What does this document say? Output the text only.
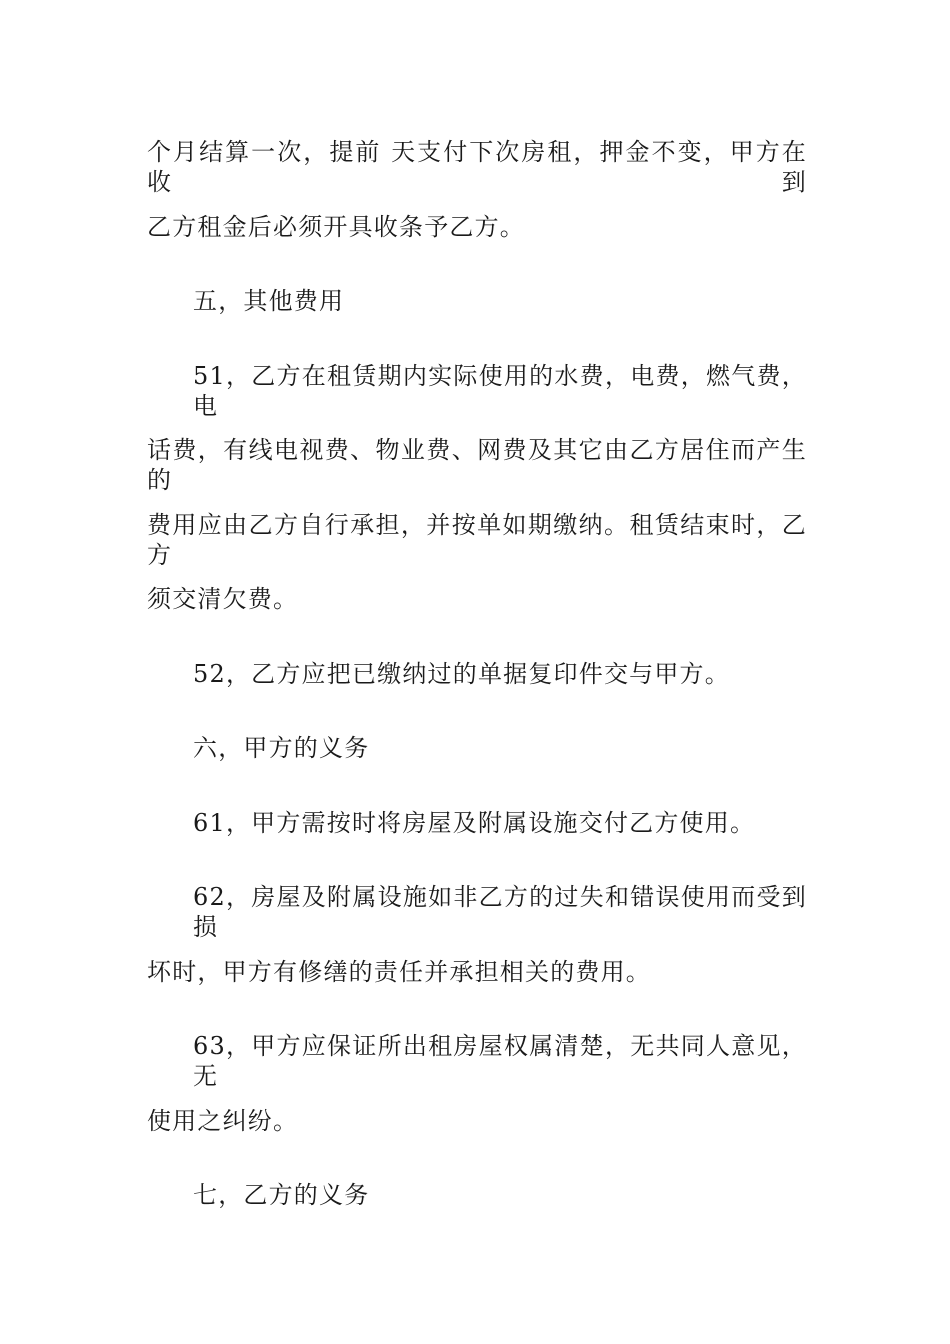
个月结算一次，提前 天支付下次房租，押金不变，甲方在收到
乙方租金后必须开具收条予乙方。
五，其他费用
51，乙方在租赁期内实际使用的水费，电费，燃气费，电
话费，有线电视费、物业费、网费及其它由乙方居住而产生的
费用应由乙方自行承担，并按单如期缴纳。租赁结束时，乙方
须交清欠费。
52，乙方应把已缴纳过的单据复印件交与甲方。
六，甲方的义务
61，甲方需按时将房屋及附属设施交付乙方使用。
62，房屋及附属设施如非乙方的过失和错误使用而受到损
坏时，甲方有修缮的责任并承担相关的费用。
63，甲方应保证所出租房屋权属清楚，无共同人意见，无
使用之纠纷。
七，乙方的义务
